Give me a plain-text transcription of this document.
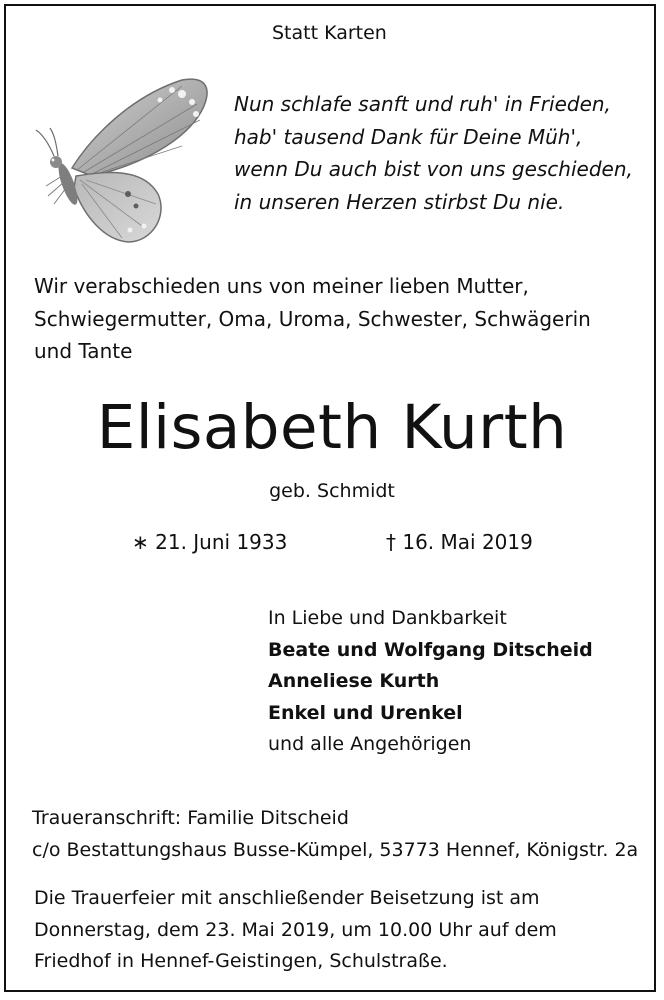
Statt Karten
Nun schlafe sanft und ruh' in Frieden,
hab' tausend Dank für Deine Müh',
wenn Du auch bist von uns geschieden,
in unseren Herzen stirbst Du nie.
Wir verabschieden uns von meiner lieben Mutter,
Schwiegermutter, Oma, Uroma, Schwester, Schwägerin
und Tante
Elisabeth Kurth
geb. Schmidt
∗ 21. Juni 1933	† 16. Mai 2019
In Liebe und Dankbarkeit
Beate und Wolfgang Ditscheid
Anneliese Kurth
Enkel und Urenkel
und alle Angehörigen
Traueranschrift: Familie Ditscheid
c/o Bestattungshaus Busse-Kümpel, 53773 Hennef, Königstr. 2a
Die Trauerfeier mit anschließender Beisetzung ist am
Donnerstag, dem 23. Mai 2019, um 10.00 Uhr auf dem
Friedhof in Hennef-Geistingen, Schulstraße.
